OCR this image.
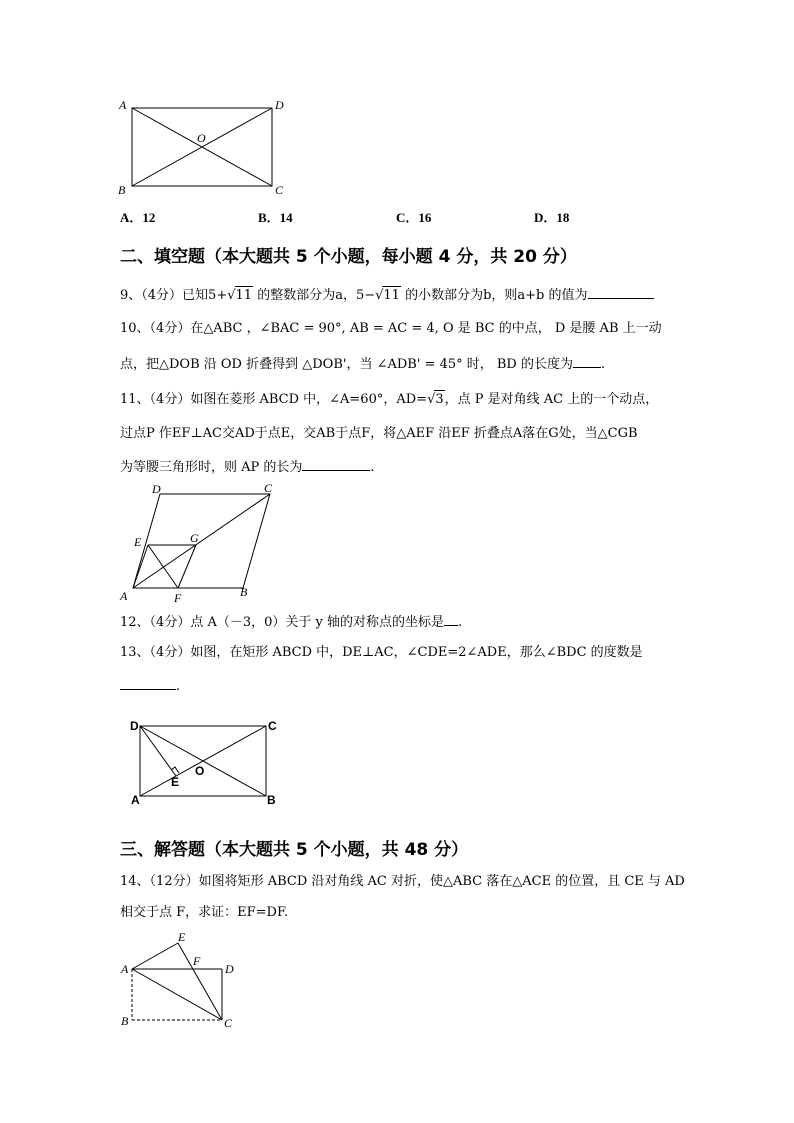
A	D
O
B	C
A．12	B．14	C．16	D．18
二、填空题（本大题共 5 个小题，每小题 4 分，共 20 分）
9、（4分）已知5+√11 的整数部分为a，5−√11 的小数部分为b，则a+b 的值为
10、（4分）在△ABC ，∠BAC = 90°, AB = AC = 4, O 是 BC 的中点， D 是腰 AB 上一动
点，把△DOB 沿 OD 折叠得到 △DOB'，当 ∠ADB' = 45° 时， BD 的长度为 .
11、（4分）如图在菱形 ABCD 中，∠A=60°，AD=√3，点 P 是对角线 AC 上的一个动点，
过点P 作EF⊥AC交AD于点E，交AB于点F，将△AEF 沿EF 折叠点A落在G处，当△CGB
为等腰三角形时，则 AP 的长为	.
D	C
E	G
A	F	B
12、（4分）点 A（－3，0）关于 y 轴的对称点的坐标是 .
13、（4分）如图，在矩形 ABCD 中，DE⊥AC，∠CDE=2∠ADE，那么∠BDC 的度数是
.
D	C
O
E
A	B
三、解答题（本大题共 5 个小题，共 48 分）
14、（12分）如图将矩形 ABCD 沿对角线 AC 对折，使△ABC 落在△ACE 的位置，且 CE 与 AD
相交于点 F，求证：EF=DF.
E
F
A	D
B	C
